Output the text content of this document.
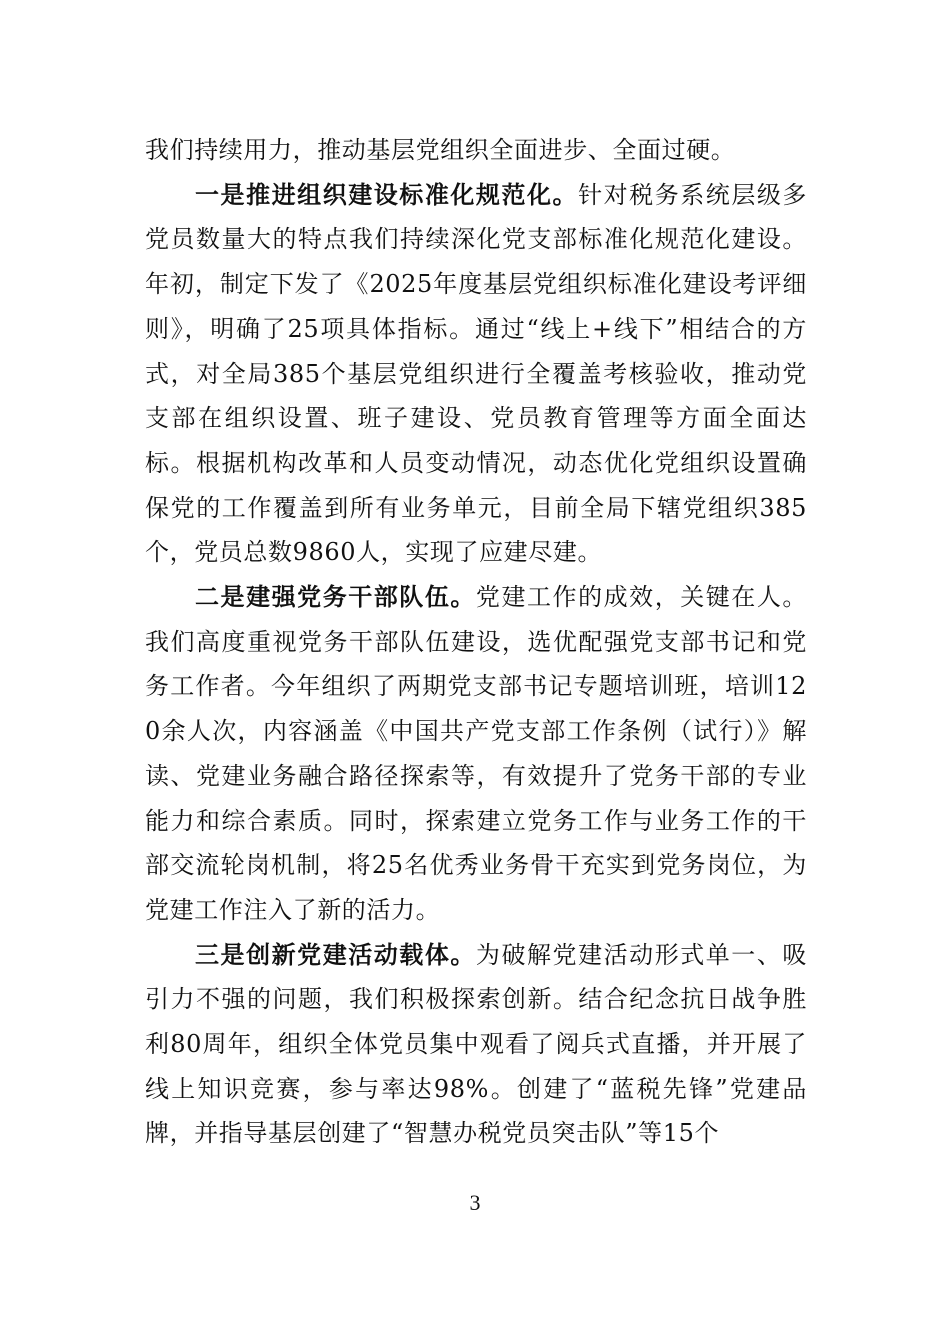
我们持续用力，推动基层党组织全面进步、全面过硬。

一是推进组织建设标准化规范化。针对税务系统层级多党员数量大的特点我们持续深化党支部标准化规范化建设。年初，制定下发了《2025年度基层党组织标准化建设考评细则》，明确了25项具体指标。通过“线上+线下”相结合的方式，对全局385个基层党组织进行全覆盖考核验收，推动党支部在组织设置、班子建设、党员教育管理等方面全面达标。根据机构改革和人员变动情况，动态优化党组织设置确保党的工作覆盖到所有业务单元，目前全局下辖党组织385个，党员总数9860人，实现了应建尽建。

二是建强党务干部队伍。党建工作的成效，关键在人。我们高度重视党务干部队伍建设，选优配强党支部书记和党务工作者。今年组织了两期党支部书记专题培训班，培训120余人次，内容涵盖《中国共产党支部工作条例（试行）》解读、党建业务融合路径探索等，有效提升了党务干部的专业能力和综合素质。同时，探索建立党务工作与业务工作的干部交流轮岗机制，将25名优秀业务骨干充实到党务岗位，为党建工作注入了新的活力。

三是创新党建活动载体。为破解党建活动形式单一、吸引力不强的问题，我们积极探索创新。结合纪念抗日战争胜利80周年，组织全体党员集中观看了阅兵式直播，并开展了线上知识竞赛，参与率达98%。创建了“蓝税先锋”党建品牌，并指导基层创建了“智慧办税党员突击队”等15个

3
